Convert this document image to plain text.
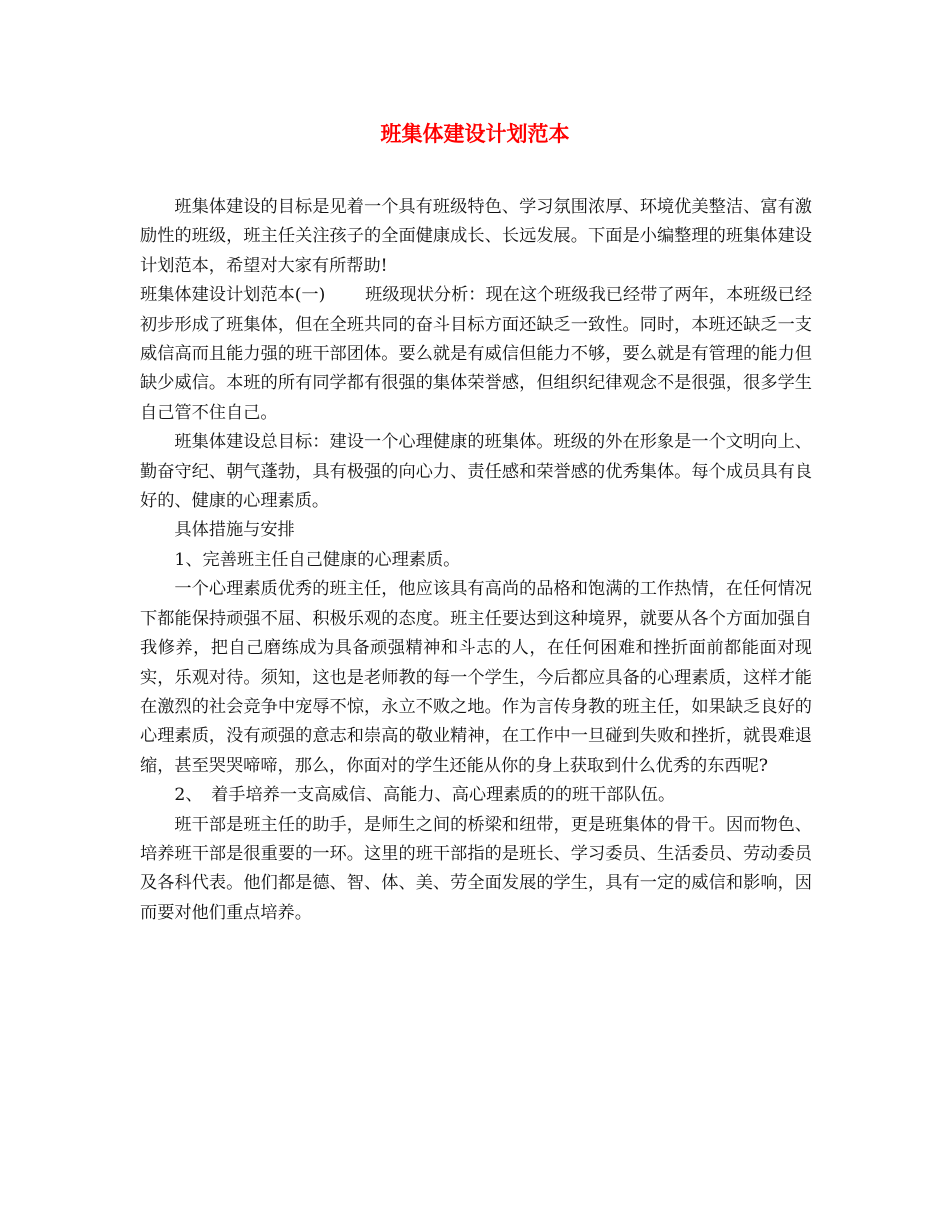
班集体建设计划范本

班集体建设的目标是见着一个具有班级特色、学习氛围浓厚、环境优美整洁、富有激励性的班级，班主任关注孩子的全面健康成长、长远发展。下面是小编整理的班集体建设计划范本，希望对大家有所帮助!

班集体建设计划范本(一)　　 班级现状分析：现在这个班级我已经带了两年，本班级已经初步形成了班集体，但在全班共同的奋斗目标方面还缺乏一致性。同时，本班还缺乏一支威信高而且能力强的班干部团体。要么就是有威信但能力不够，要么就是有管理的能力但缺少威信。本班的所有同学都有很强的集体荣誉感，但组织纪律观念不是很强，很多学生自己管不住自己。

班集体建设总目标：建设一个心理健康的班集体。班级的外在形象是一个文明向上、勤奋守纪、朝气蓬勃，具有极强的向心力、责任感和荣誉感的优秀集体。每个成员具有良好的、健康的心理素质。

具体措施与安排

1、完善班主任自己健康的心理素质。

一个心理素质优秀的班主任，他应该具有高尚的品格和饱满的工作热情，在任何情况下都能保持顽强不屈、积极乐观的态度。班主任要达到这种境界，就要从各个方面加强自我修养，把自己磨练成为具备顽强精神和斗志的人，在任何困难和挫折面前都能面对现实，乐观对待。须知，这也是老师教的每一个学生，今后都应具备的心理素质，这样才能在激烈的社会竞争中宠辱不惊，永立不败之地。作为言传身教的班主任，如果缺乏良好的心理素质，没有顽强的意志和崇高的敬业精神，在工作中一旦碰到失败和挫折，就畏难退缩，甚至哭哭啼啼，那么，你面对的学生还能从你的身上获取到什么优秀的东西呢?

2、　着手培养一支高威信、高能力、高心理素质的的班干部队伍。

班干部是班主任的助手，是师生之间的桥梁和纽带，更是班集体的骨干。因而物色、培养班干部是很重要的一环。这里的班干部指的是班长、学习委员、生活委员、劳动委员及各科代表。他们都是德、智、体、美、劳全面发展的学生，具有一定的威信和影响，因而要对他们重点培养。
